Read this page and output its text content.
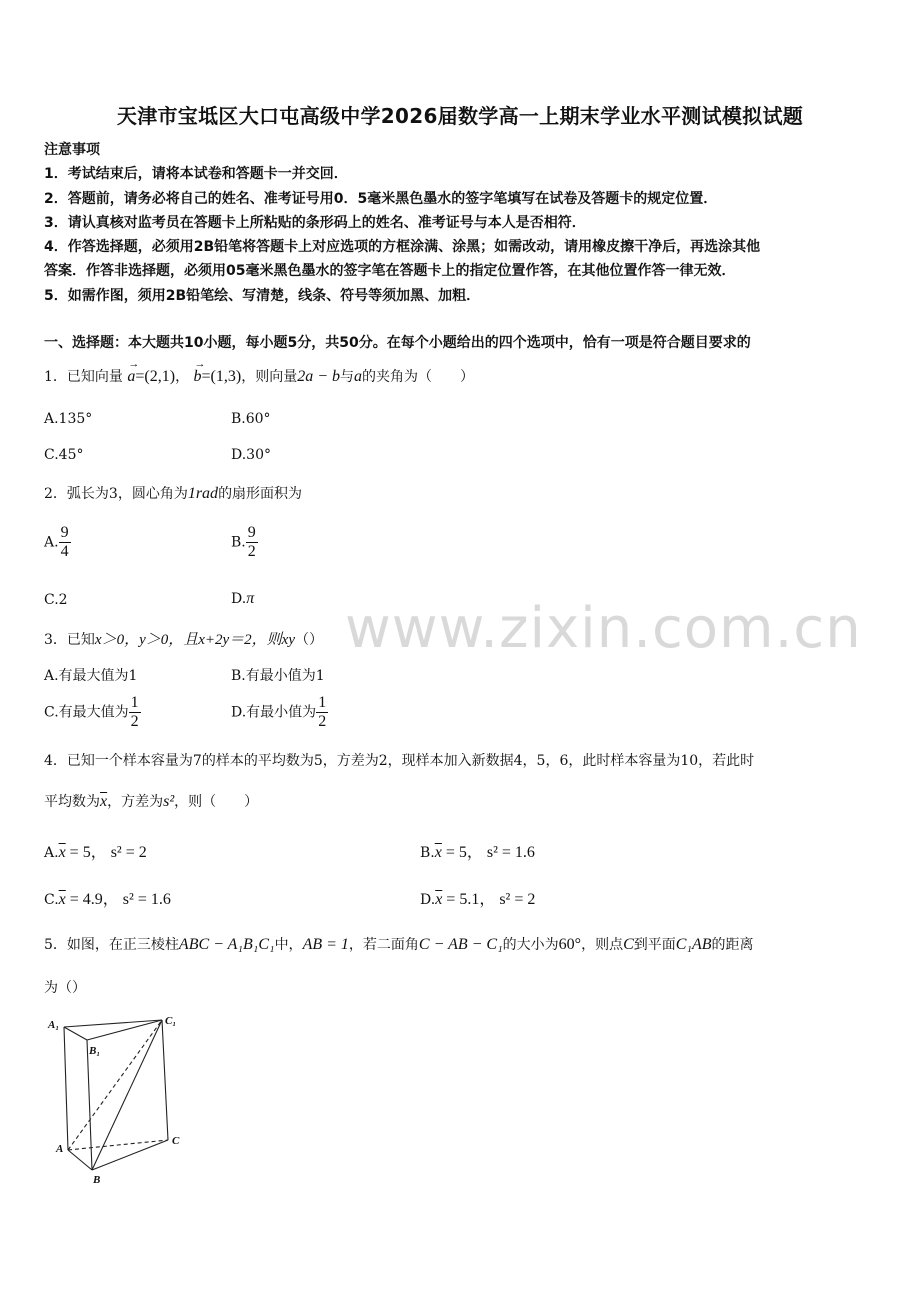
天津市宝坻区大口屯高级中学2026届数学高一上期末学业水平测试模拟试题
注意事项
1．考试结束后，请将本试卷和答题卡一并交回．
2．答题前，请务必将自己的姓名、准考证号用0．5毫米黑色墨水的签字笔填写在试卷及答题卡的规定位置．
3．请认真核对监考员在答题卡上所粘贴的条形码上的姓名、准考证号与本人是否相符．
4．作答选择题，必须用2B铅笔将答题卡上对应选项的方框涂满、涂黑；如需改动，请用橡皮擦干净后，再选涂其他
答案．作答非选择题，必须用05毫米黑色墨水的签字笔在答题卡上的指定位置作答，在其他位置作答一律无效．
5．如需作图，须用2B铅笔绘、写清楚，线条、符号等须加黑、加粗．
一、选择题：本大题共10小题，每小题5分，共50分。在每个小题给出的四个选项中，恰有一项是符合题目要求的
1．已知向量
→
a=(2,1)，
→
b=(1,3)，则向量2a − b与a的夹角为（　　）
A.135°	B.60°
C.45°	D.30°
2．弧长为3，圆心角为1rad的扇形面积为
A. $\frac{9}{4}$	B. $\frac{9}{2}$
C.2	D.π www.zixin.com.cn
3．已知x＞0，y＞0，且x+2y＝2，则xy（）
A.有最大值为1	B.有最小值为1
C.有最大值为 $\frac{1}{2}$	D.有最小值为 $\frac{1}{2}$
4．已知一个样本容量为7的样本的平均数为5，方差为2，现样本加入新数据4，5，6，此时样本容量为10，若此时
平均数为$\overline{x}$，方差为s²，则（　　）
$A.\overline{x} = 5$， s² = 2	$B.\overline{x} = 5$， s² = 1.6
$C.\overline{x} = 4.9$， s² = 1.6	$D.\overline{x} = 5.1$， s² = 2
5．如图，在正三棱柱ABC − A₁B₁C₁中，AB = 1，若二面角C − AB − C₁的大小为60°，则点C到平面C₁AB的距离
为（）
A₁
B₁
C₁
A
B
C
